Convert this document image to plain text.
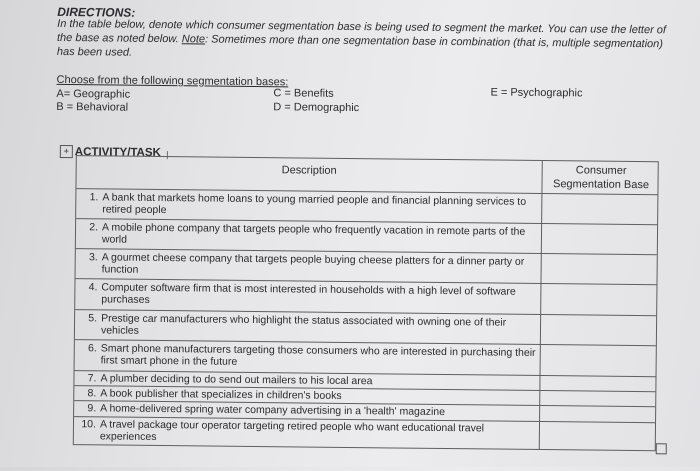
DIRECTIONS:
In the table below, denote which consumer segmentation base is being used to segment the market. You can use the letter of the base as noted below. Note: Sometimes more than one segmentation base in combination (that is, multiple segmentation) has been used.
Choose from the following segmentation bases:
A= Geographic
B = Behavioral
C = Benefits
D = Demographic
E = Psychographic
+ ACTIVITY/TASK I
Description	Consumer
Segmentation Base
1. A bank that markets home loans to young married people and financial planning services to retired people
2. A mobile phone company that targets people who frequently vacation in remote parts of the world
3. A gourmet cheese company that targets people buying cheese platters for a dinner party or function
4. Computer software firm that is most interested in households with a high level of software purchases
5. Prestige car manufacturers who highlight the status associated with owning one of their vehicles
6. Smart phone manufacturers targeting those consumers who are interested in purchasing their first smart phone in the future
7. A plumber deciding to do send out mailers to his local area
8. A book publisher that specializes in children's books
9. A home-delivered spring water company advertising in a 'health' magazine
10. A travel package tour operator targeting retired people who want educational travel experiences
